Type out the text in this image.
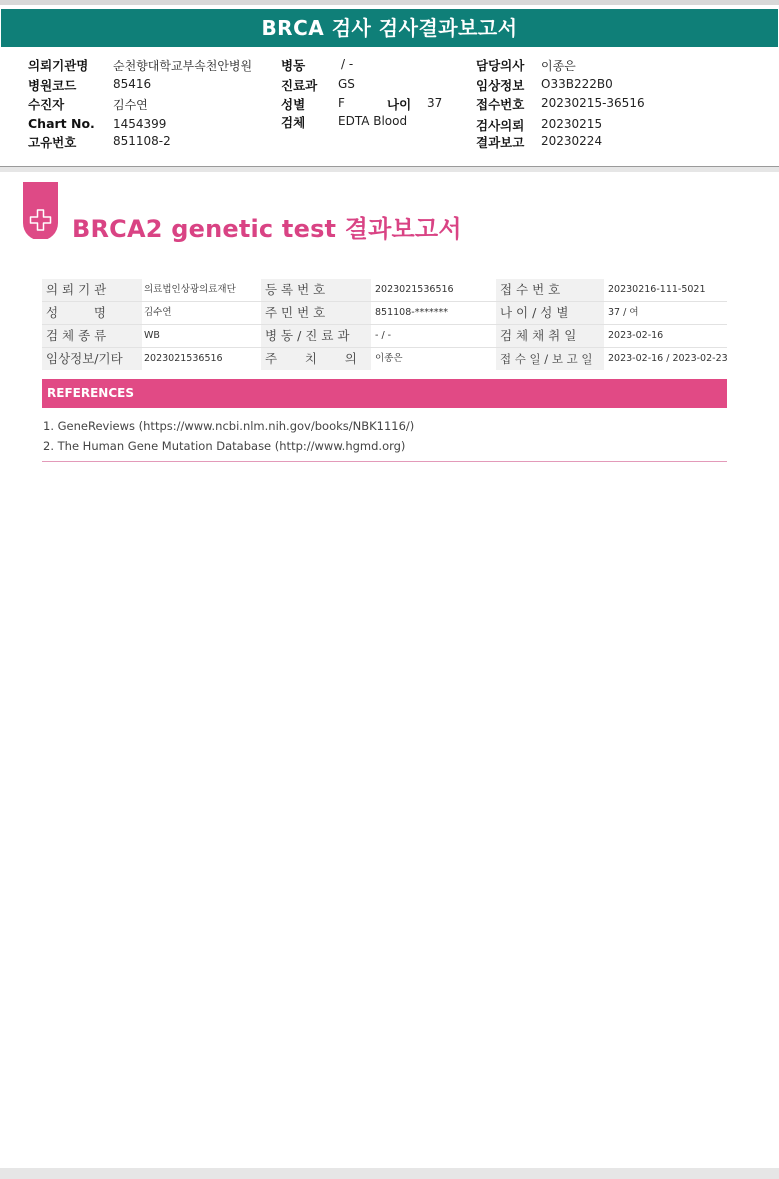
BRCA 검사 검사결과보고서
의뢰기관명 순천향대학교부속천안병원
병원코드	85416
수진자	김수연
Chart No. 1454399
고유번호	851108-2
병동	/ -
진료과 GS
성별	F	나이 37
검체	EDTA Blood
담당의사 이종은
임상정보 O33B222B0
접수번호 20230215-36516
검사의뢰 20230215
결과보고 20230224
BRCA2 genetic test 결과보고서
의 뢰 기 관	의료법인상광의료재단	등 록 번 호	2023021536516	접 수 번 호	20230216-111-5021
성         명	김수연	주 민 번 호	851108-*******	나 이 / 성 별	37 / 여
검 체 종 류	WB	병 동 / 진 료 과	- / -	검 체 채 취 일	2023-02-16
임상정보/기타	2023021536516	주       치       의	이종은	접 수 일 / 보 고 일	2023-02-16 / 2023-02-23
REFERENCES
1. GeneReviews (https://www.ncbi.nlm.nih.gov/books/NBK1116/)
2. The Human Gene Mutation Database (http://www.hgmd.org)
